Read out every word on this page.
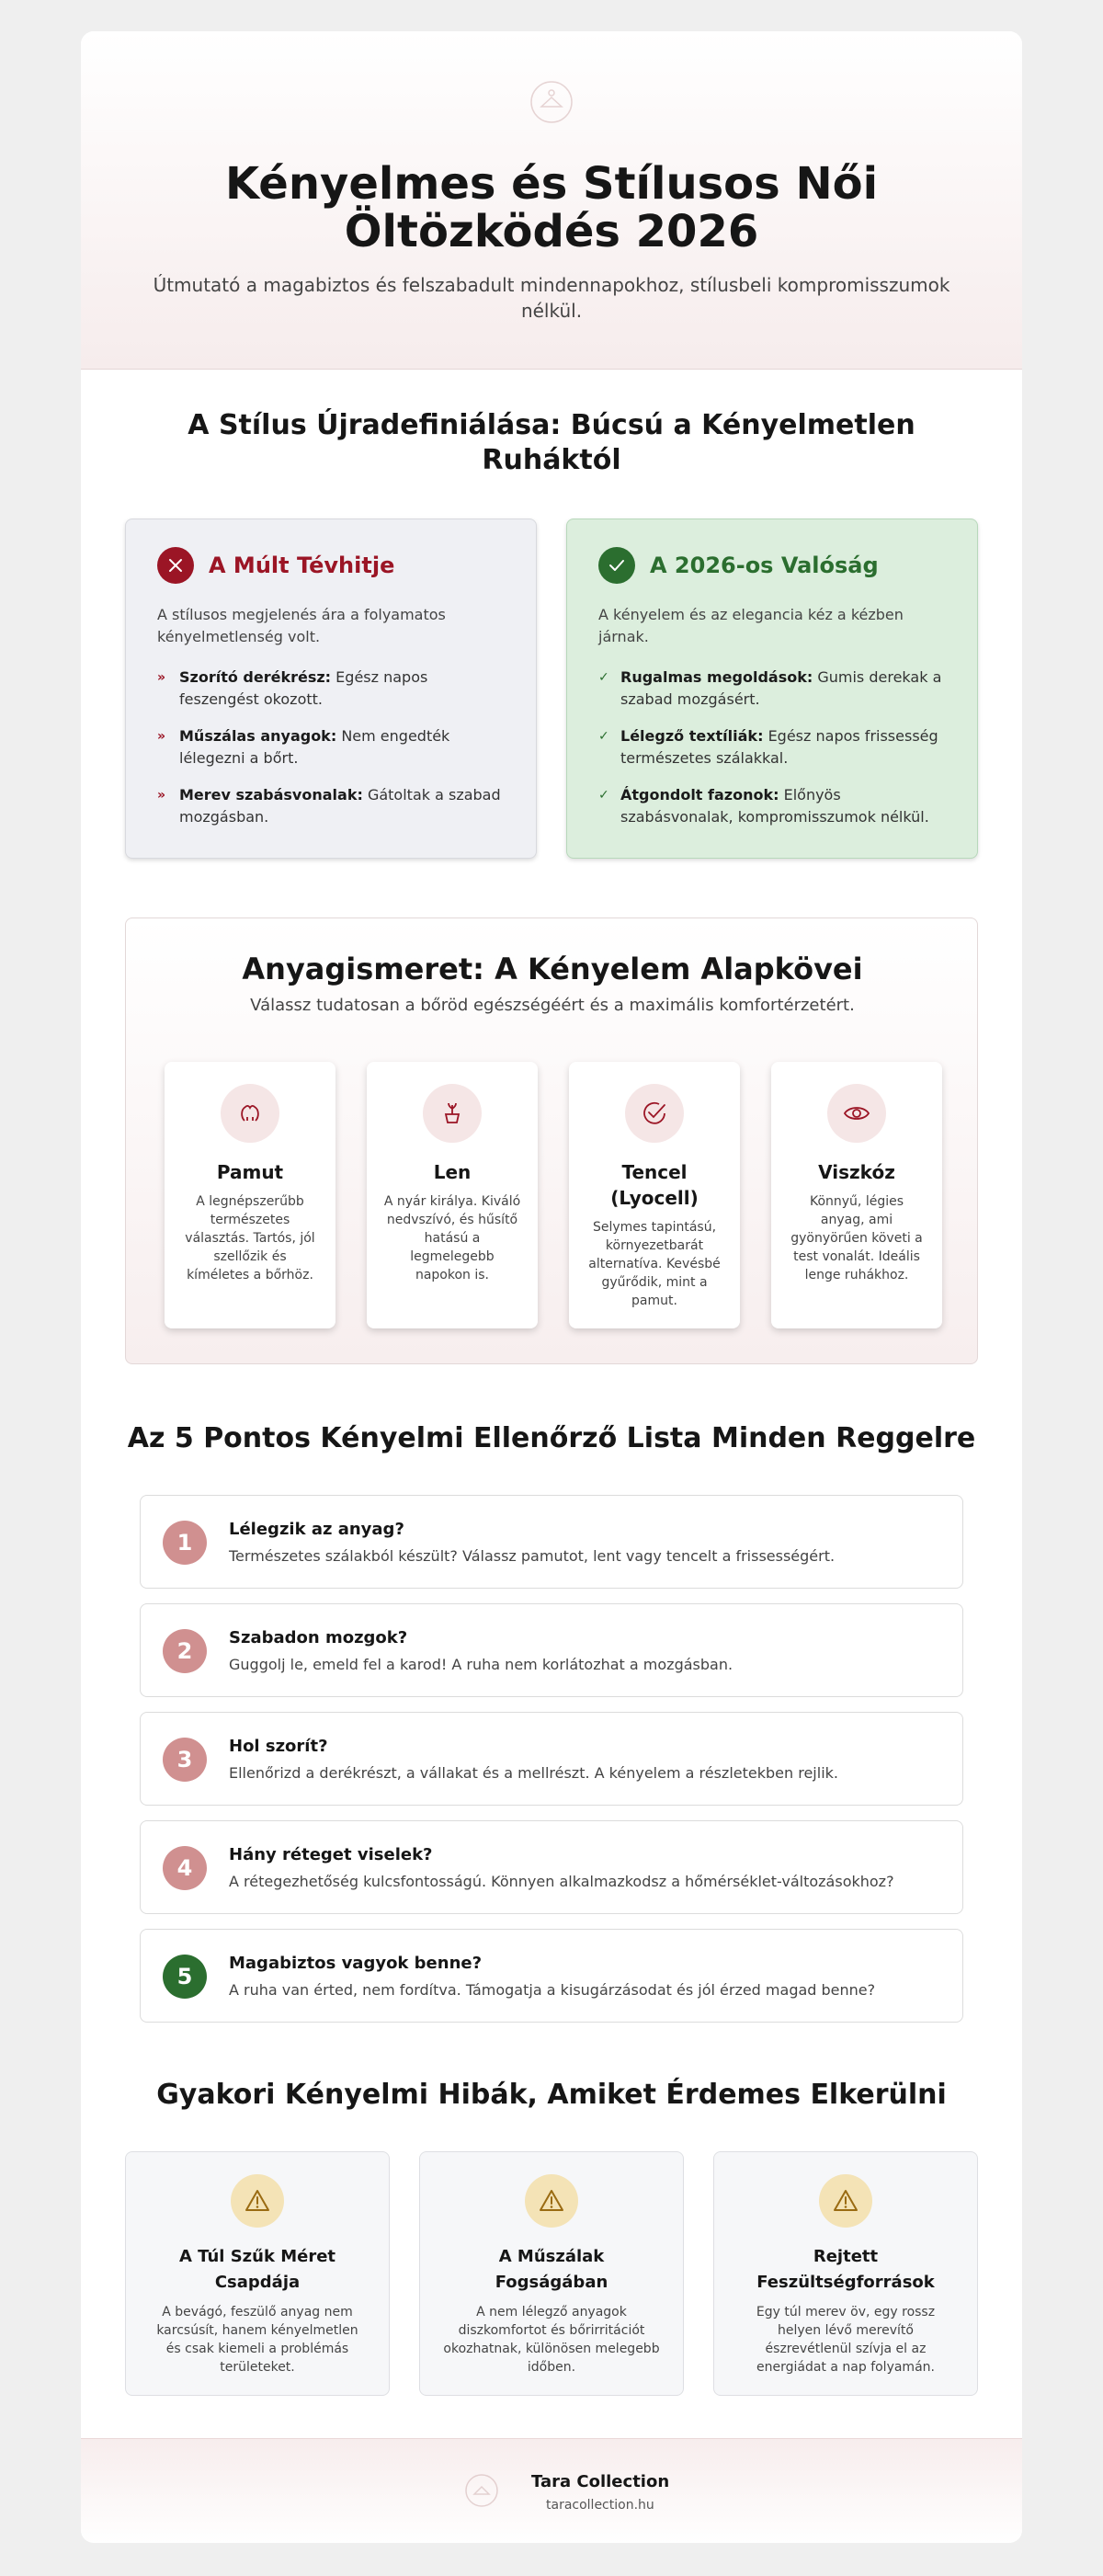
Kényelmes és Stílusos Női Öltözködés 2026

Útmutató a magabiztos és felszabadult mindennapokhoz, stílusbeli kompromisszumok nélkül.

A Stílus Újradefiniálása: Búcsú a Kényelmetlen Ruháktól
A Múlt Tévhitje

A stílusos megjelenés ára a folyamatos kényelmetlenség volt.

» Szorító derékrész: Egész napos feszengést okozott.
» Műszálas anyagok: Nem engedték lélegezni a bőrt.
» Merev szabásvonalak: Gátoltak a szabad mozgásban.
A 2026-os Valóság

A kényelem és az elegancia kéz a kézben járnak.

✓ Rugalmas megoldások: Gumis derekak a szabad mozgásért.
✓ Lélegző textíliák: Egész napos frissesség természetes szálakkal.
✓ Átgondolt fazonok: Előnyös szabásvonalak, kompromisszumok nélkül.
Anyagismeret: A Kényelem Alapkövei

Válassz tudatosan a bőröd egészségéért és a maximális komfortérzetért.

Pamut

A legnépszerűbb természetes választás. Tartós, jól szellőzik és kíméletes a bőrhöz.

Len

A nyár királya. Kiváló nedvszívó, és hűsítő hatású a legmelegebb napokon is.

Tencel (Lyocell)

Selymes tapintású, környezetbarát alternatíva. Kevésbé gyűrődik, mint a pamut.

Viszkóz

Könnyű, légies anyag, ami gyönyörűen követi a test vonalát. Ideális lenge ruhákhoz.

Az 5 Pontos Kényelmi Ellenőrző Lista Minden Reggelre
1
Lélegzik az anyag?
Természetes szálakból készült? Válassz pamutot, lent vagy tencelt a frissességért.
2
Szabadon mozgok?
Guggolj le, emeld fel a karod! A ruha nem korlátozhat a mozgásban.
3
Hol szorít?
Ellenőrizd a derékrészt, a vállakat és a mellrészt. A kényelem a részletekben rejlik.
4
Hány réteget viselek?
A rétegezhetőség kulcsfontosságú. Könnyen alkalmazkodsz a hőmérséklet-változásokhoz?
5
Magabiztos vagyok benne?
A ruha van érted, nem fordítva. Támogatja a kisugárzásodat és jól érzed magad benne?
Gyakori Kényelmi Hibák, Amiket Érdemes Elkerülni
A Túl Szűk Méret Csapdája

A bevágó, feszülő anyag nem karcsúsít, hanem kényelmetlen és csak kiemeli a problémás területeket.

A Műszálak Fogságában

A nem lélegző anyagok diszkomfortot és bőrirritációt okozhatnak, különösen melegebb időben.

Rejtett Feszültségforrások

Egy túl merev öv, egy rossz helyen lévő merevítő észrevétlenül szívja el az energiádat a nap folyamán.

Tara Collection
taracollection.hu
